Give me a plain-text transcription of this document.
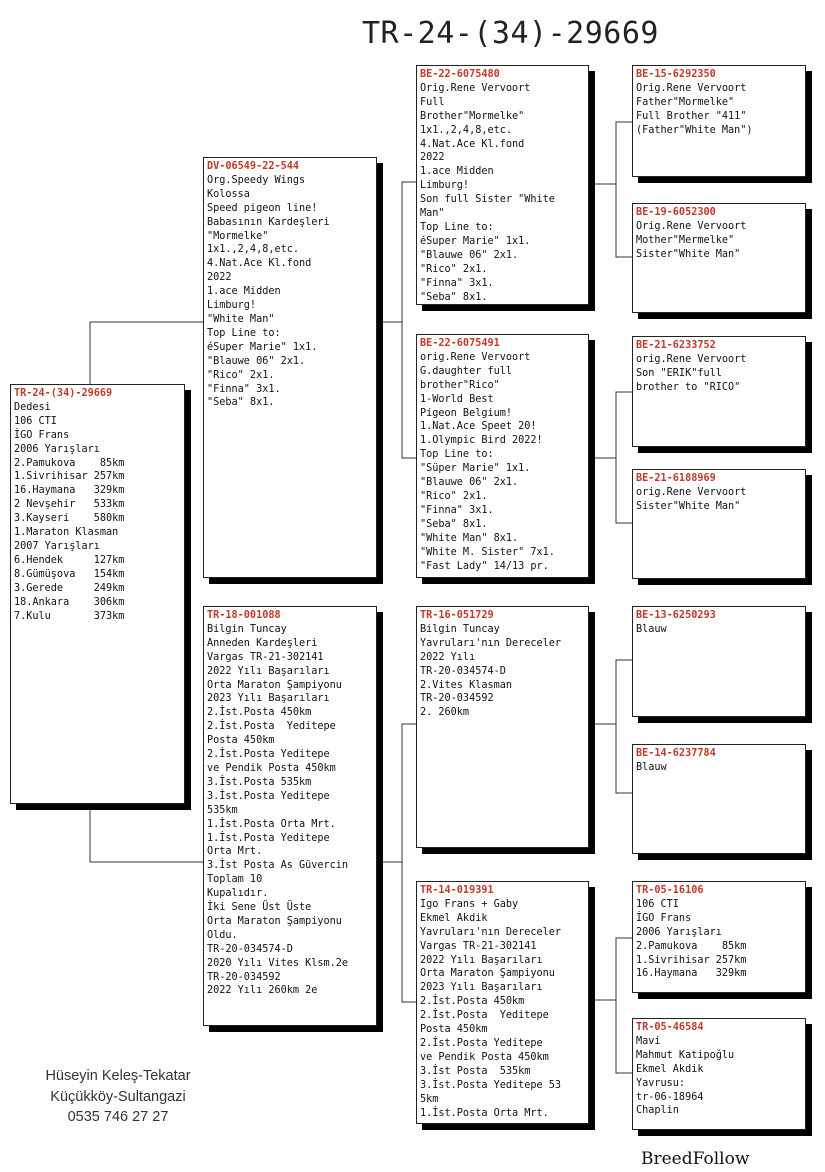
TR-24-(34)-29669
TR-24-(34)-29669
Dedesi
106 CTI
İGO Frans
2006 Yarışları
2.Pamukova    85km
1.Sivrihisar 257km
16.Haymana   329km
2 Nevşehir   533km
3.Kayseri    580km
1.Maraton Klasman
2007 Yarışları
6.Hendek     127km
8.Gümüşova   154km
3.Gerede     249km
18.Ankara    306km
7.Kulu       373km
DV-06549-22-544
Org.Speedy Wings
Kolossa
Speed pigeon line!
Babasının Kardeşleri
"Mormelke"
1x1.,2,4,8,etc.
4.Nat.Ace Kl.fond
2022
1.ace Midden
Limburg!
"White Man"
Top Line to:
éSuper Marie" 1x1.
"Blauwe 06" 2x1.
"Rico" 2x1.
"Finna" 3x1.
"Seba" 8x1.
TR-18-001088
Bilgin Tuncay
Anneden Kardeşleri
Vargas TR-21-302141
2022 Yılı Başarıları
Orta Maraton Şampiyonu
2023 Yılı Başarıları
2.İst.Posta 450km
2.İst.Posta  Yeditepe
Posta 450km
2.İst.Posta Yeditepe
ve Pendik Posta 450km
3.İst.Posta 535km
3.İst.Posta Yeditepe
535km
1.İst.Posta Orta Mrt.
1.İst.Posta Yeditepe
Orta Mrt.
3.İst Posta As Güvercin
Toplam 10
Kupalıdır.
İki Sene Üst Üste
Orta Maraton Şampiyonu
Oldu.
TR-20-034574-D
2020 Yılı Vites Klsm.2e
TR-20-034592
2022 Yılı 260km 2e
BE-22-6075480
Orig.Rene Vervoort
Full
Brother"Mormelke"
1x1.,2,4,8,etc.
4.Nat.Ace Kl.fond
2022
1.ace Midden
Limburg!
Son full Sister "White
Man"
Top Line to:
éSuper Marie" 1x1.
"Blauwe 06" 2x1.
"Rico" 2x1.
"Finna" 3x1.
"Seba" 8x1.
BE-22-6075491
orig.Rene Vervoort
G.daughter full
brother"Rico"
1-World Best
Pigeon Belgium!
1.Nat.Ace Speet 20!
1.Olympic Bird 2022!
Top Line to:
"Süper Marie" 1x1.
"Blauwe 06" 2x1.
"Rico" 2x1.
"Finna" 3x1.
"Seba" 8x1.
"White Man" 8x1.
"White M. Sister" 7x1.
"Fast Lady" 14/13 pr.
TR-16-051729
Bilgin Tuncay
Yavruları'nın Dereceler
2022 Yılı
TR-20-034574-D
2.Vites Klasman
TR-20-034592
2. 260km
TR-14-019391
Igo Frans + Gaby
Ekmel Akdik
Yavruları'nın Dereceler
Vargas TR-21-302141
2022 Yılı Başarıları
Orta Maraton Şampiyonu
2023 Yılı Başarıları
2.İst.Posta 450km
2.İst.Posta  Yeditepe
Posta 450km
2.İst.Posta Yeditepe
ve Pendik Posta 450km
3.İst Posta  535km
3.İst.Posta Yeditepe 53
5km
1.İst.Posta Orta Mrt.
BE-15-6292350
Orig.Rene Vervoort
Father"Mormelke"
Full Brother "411"
(Father"White Man")
BE-19-6052300
Orig.Rene Vervoort
Mother"Mermelke"
Sister"White Man"
BE-21-6233752
orig.Rene Vervoort
Son "ERIK"full
brother to "RICO"
BE-21-6188969
orig.Rene Vervoort
Sister"White Man"
BE-13-6250293
Blauw
BE-14-6237784
Blauw
TR-05-16106
106 CTI
İGO Frans
2006 Yarışları
2.Pamukova    85km
1.Sivrihisar 257km
16.Haymana   329km
TR-05-46584
Mavi
Mahmut Katipoğlu
Ekmel Akdik
Yavrusu:
tr-06-18964
Chaplin
Hüseyin Keleş-Tekatar
Küçükköy-Sultangazi
0535 746 27 27
BreedFollow
